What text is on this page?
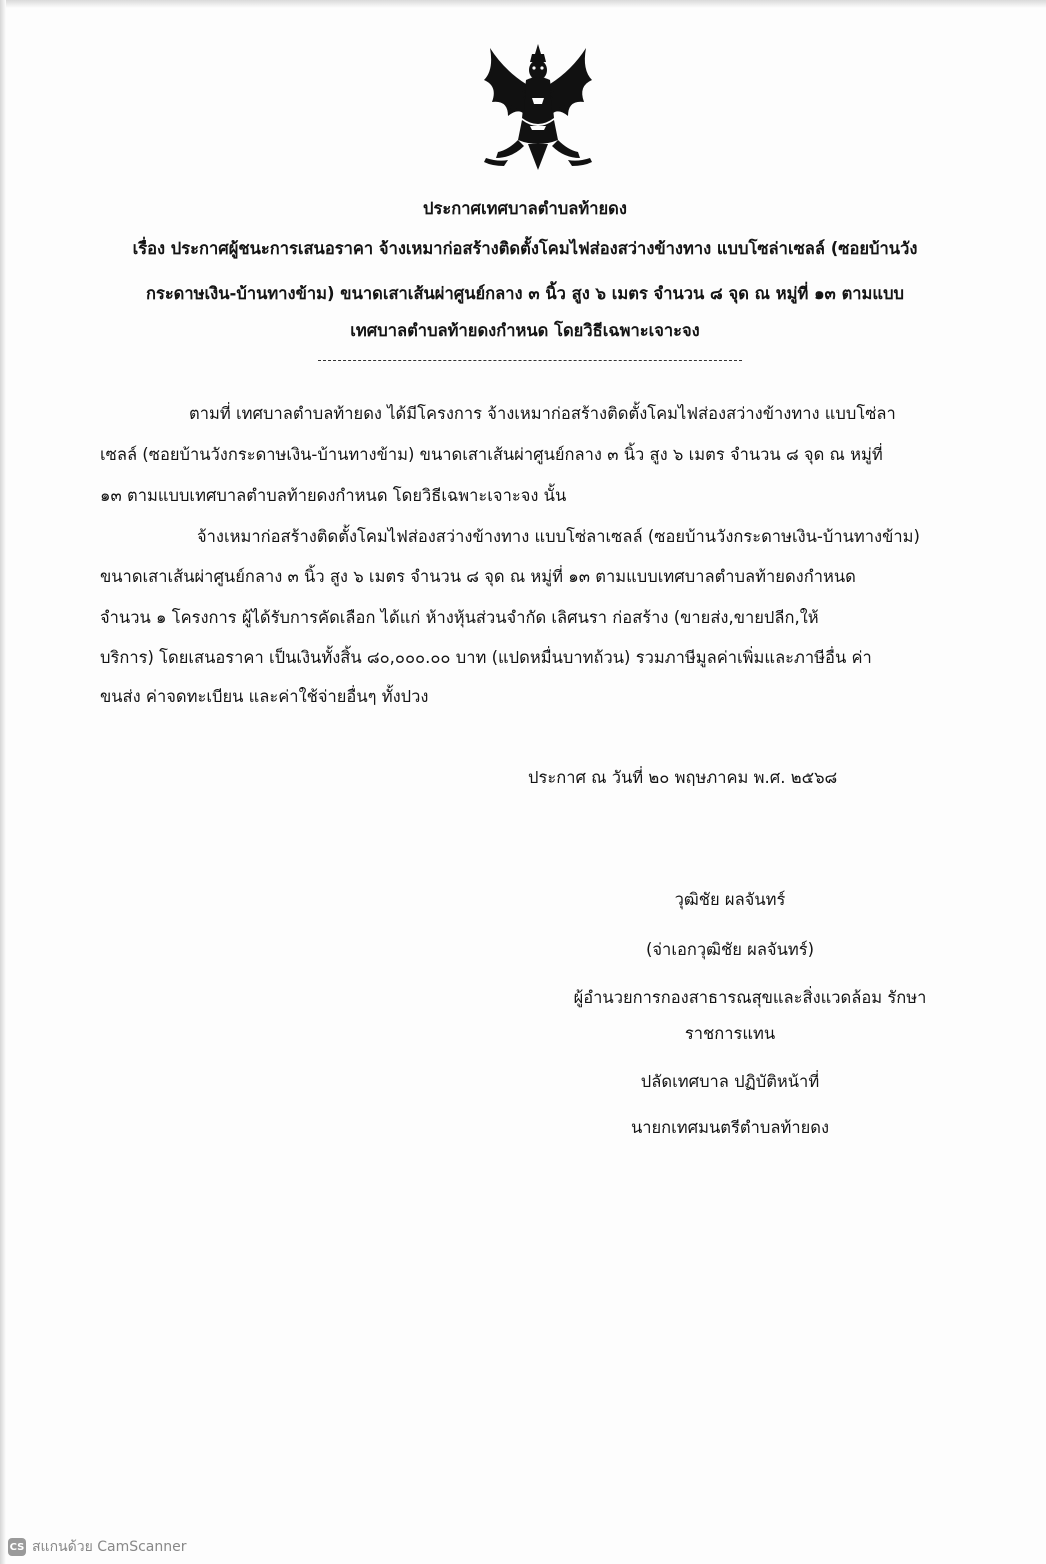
ประกาศเทศบาลตำบลท้ายดง
เรื่อง ประกาศผู้ชนะการเสนอราคา จ้างเหมาก่อสร้างติดตั้งโคมไฟส่องสว่างข้างทาง แบบโซล่าเซลล์ (ซอยบ้านวัง
กระดาษเงิน-บ้านทางข้าม) ขนาดเสาเส้นผ่าศูนย์กลาง ๓ นิ้ว สูง ๖ เมตร จำนวน ๘ จุด ณ หมู่ที่ ๑๓ ตามแบบ
เทศบาลตำบลท้ายดงกำหนด โดยวิธีเฉพาะเจาะจง
ตามที่ เทศบาลตำบลท้ายดง ได้มีโครงการ จ้างเหมาก่อสร้างติดตั้งโคมไฟส่องสว่างข้างทาง แบบโซ่ลา
เซลล์ (ซอยบ้านวังกระดาษเงิน-บ้านทางข้าม) ขนาดเสาเส้นผ่าศูนย์กลาง ๓ นิ้ว สูง ๖ เมตร จำนวน ๘ จุด ณ หมู่ที่
๑๓ ตามแบบเทศบาลตำบลท้ายดงกำหนด โดยวิธีเฉพาะเจาะจง นั้น
จ้างเหมาก่อสร้างติดตั้งโคมไฟส่องสว่างข้างทาง แบบโซ่ลาเซลล์ (ซอยบ้านวังกระดาษเงิน-บ้านทางข้าม)
ขนาดเสาเส้นผ่าศูนย์กลาง ๓ นิ้ว สูง ๖ เมตร จำนวน ๘ จุด ณ หมู่ที่ ๑๓ ตามแบบเทศบาลตำบลท้ายดงกำหนด
จำนวน ๑ โครงการ ผู้ได้รับการคัดเลือก ได้แก่ ห้างหุ้นส่วนจำกัด เลิศนรา ก่อสร้าง (ขายส่ง,ขายปลีก,ให้
บริการ) โดยเสนอราคา เป็นเงินทั้งสิ้น ๘๐,๐๐๐.๐๐ บาท (แปดหมื่นบาทถ้วน) รวมภาษีมูลค่าเพิ่มและภาษีอื่น ค่า
ขนส่ง ค่าจดทะเบียน และค่าใช้จ่ายอื่นๆ ทั้งปวง
ประกาศ ณ วันที่ ๒๐ พฤษภาคม พ.ศ. ๒๕๖๘
วุฒิชัย ผลจันทร์
(จ่าเอกวุฒิชัย ผลจันทร์)
ผู้อำนวยการกองสาธารณสุขและสิ่งแวดล้อม รักษา
ราชการแทน
ปลัดเทศบาล ปฏิบัติหน้าที่
นายกเทศมนตรีตำบลท้ายดง
CS สแกนด้วย CamScanner
